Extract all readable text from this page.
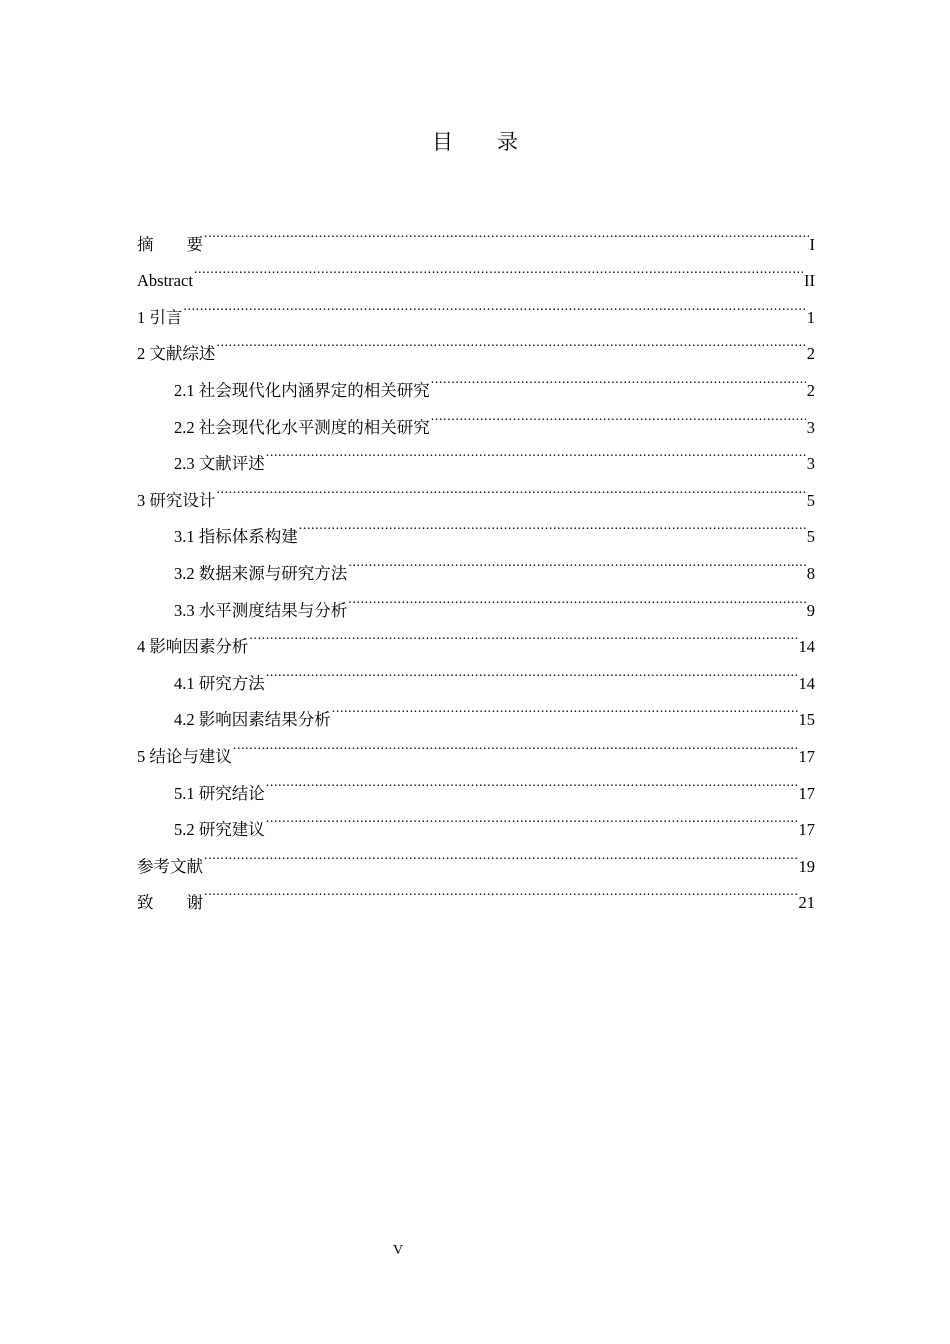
目 录
摘 要 .....	I
Abstract .....	II
1 引言 .....	1
2 文献综述 .....	2
2.1 社会现代化内涵界定的相关研究 .....	2
2.2 社会现代化水平测度的相关研究 .....	3
2.3 文献评述 .....	3
3 研究设计 .....	5
3.1 指标体系构建 .....	5
3.2 数据来源与研究方法 .....	8
3.3 水平测度结果与分析 .....	9
4 影响因素分析 .....	14
4.1 研究方法 .....	14
4.2 影响因素结果分析 .....	15
5 结论与建议 .....	17
5.1 研究结论 .....	17
5.2 研究建议 .....	17
参考文献 .....	19
致 谢 .....	21
V
